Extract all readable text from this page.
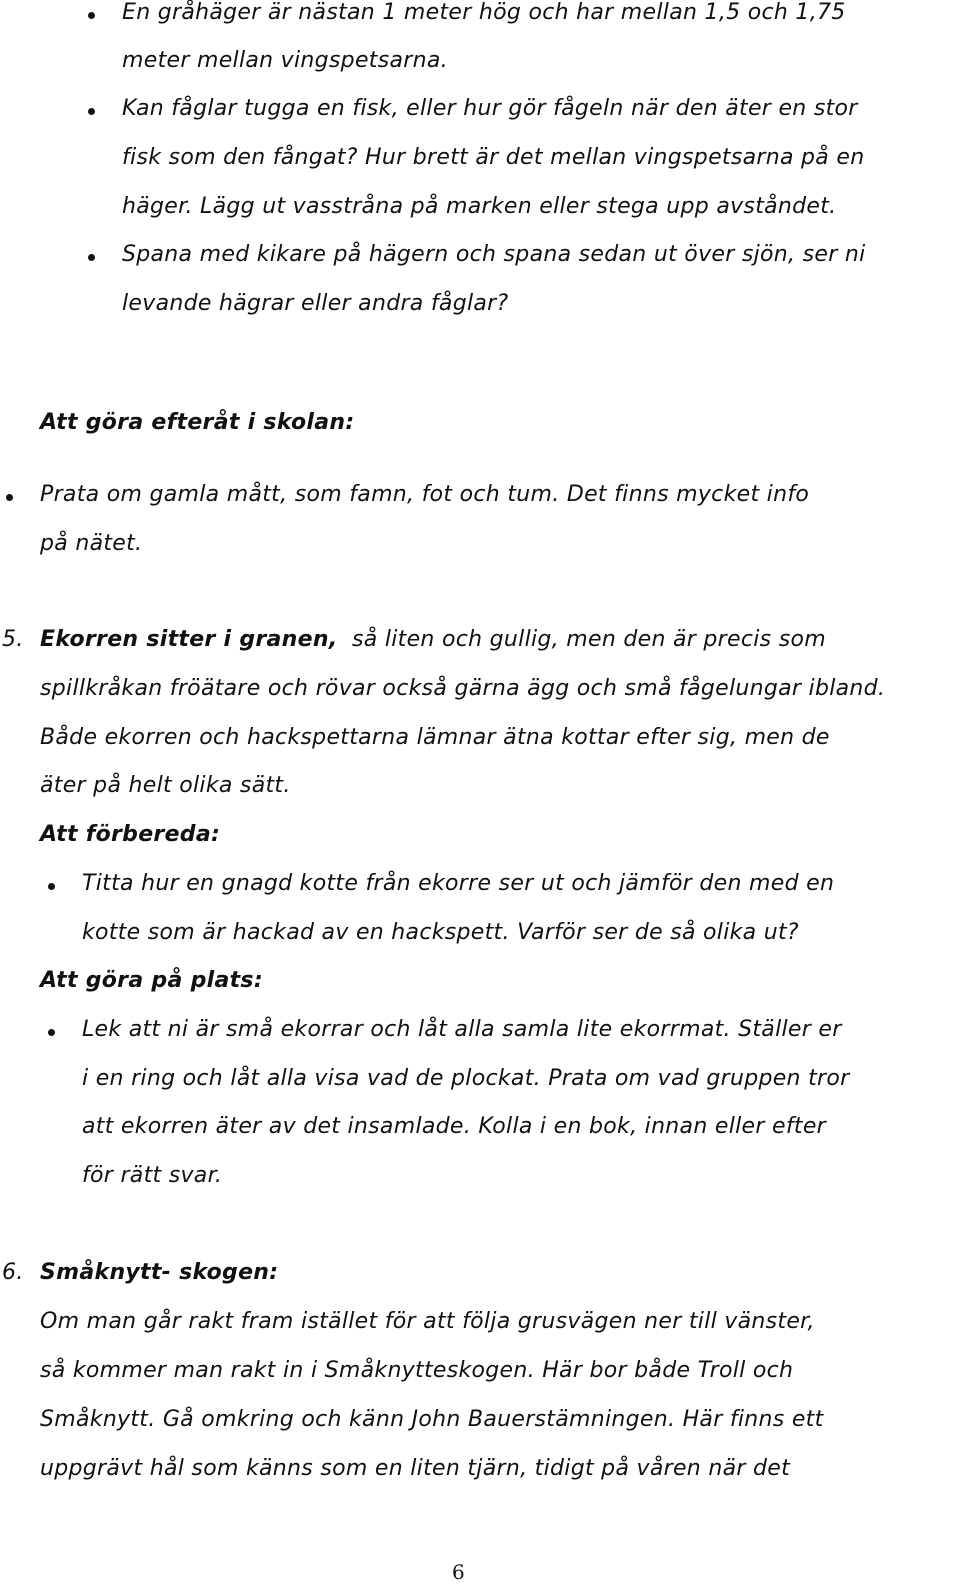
En gråhäger är nästan 1 meter hög och har mellan 1,5 och 1,75
meter mellan vingspetsarna.
Kan fåglar tugga en fisk, eller hur gör fågeln när den äter en stor
fisk som den fångat? Hur brett är det mellan vingspetsarna på en
häger. Lägg ut vasstråna på marken eller stega upp avståndet.
Spana med kikare på hägern och spana sedan ut över sjön, ser ni
levande hägrar eller andra fåglar?
Att göra efteråt i skolan:
Prata om gamla mått, som famn, fot och tum. Det finns mycket info
på nätet.
5. Ekorren sitter i granen, så liten och gullig, men den är precis som
spillkråkan fröätare och rövar också gärna ägg och små fågelungar ibland.
Både ekorren och hackspettarna lämnar ätna kottar efter sig, men de
äter på helt olika sätt.
Att förbereda:
Titta hur en gnagd kotte från ekorre ser ut och jämför den med en
kotte som är hackad av en hackspett. Varför ser de så olika ut?
Att göra på plats:
Lek att ni är små ekorrar och låt alla samla lite ekorrmat. Ställer er
i en ring och låt alla visa vad de plockat. Prata om vad gruppen tror
att ekorren äter av det insamlade. Kolla i en bok, innan eller efter
för rätt svar.
6. Småknytt- skogen:
Om man går rakt fram istället för att följa grusvägen ner till vänster,
så kommer man rakt in i Småknytteskogen. Här bor både Troll och
Småknytt. Gå omkring och känn John Bauerstämningen. Här finns ett
uppgrävt hål som känns som en liten tjärn, tidigt på våren när det
6
